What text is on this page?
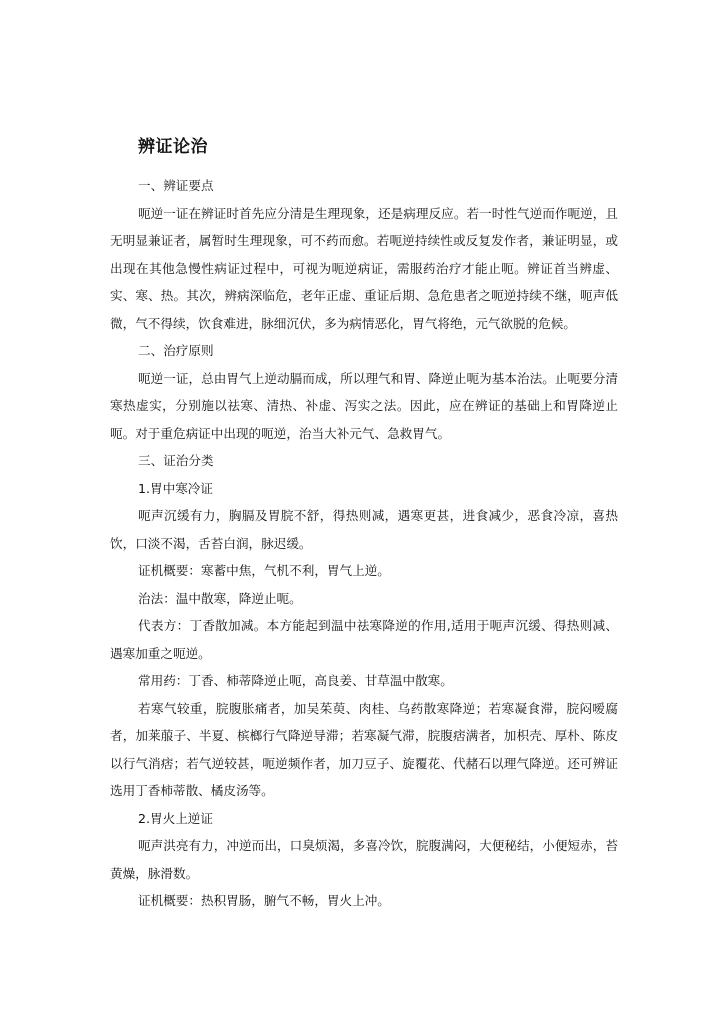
辨证论治

一、辨证要点

呃逆一证在辨证时首先应分清是生理现象，还是病理反应。若一时性气逆而作呃逆，且无明显兼证者，属暂时生理现象，可不药而愈。若呃逆持续性或反复发作者，兼证明显，或出现在其他急慢性病证过程中，可视为呃逆病证，需服药治疗才能止呃。辨证首当辨虚、实、寒、热。其次，辨病深临危，老年正虚、重证后期、急危患者之呃逆持续不继，呃声低微，气不得续，饮食难进，脉细沉伏，多为病情恶化，胃气将绝，元气欲脱的危候。

二、治疗原则

呃逆一证，总由胃气上逆动膈而成，所以理气和胃、降逆止呃为基本治法。止呃要分清寒热虚实，分别施以祛寒、清热、补虚、泻实之法。因此，应在辨证的基础上和胃降逆止呃。对于重危病证中出现的呃逆，治当大补元气、急救胃气。

三、证治分类

1.胃中寒冷证

呃声沉缓有力，胸膈及胃脘不舒，得热则减，遇寒更甚，进食减少，恶食冷凉，喜热饮，口淡不渴，舌苔白润，脉迟缓。

证机概要：寒蓄中焦，气机不利，胃气上逆。

治法：温中散寒，降逆止呃。

代表方：丁香散加减。本方能起到温中祛寒降逆的作用,适用于呃声沉缓、得热则减、遇寒加重之呃逆。

常用药：丁香、柿蒂降逆止呃，高良姜、甘草温中散寒。

若寒气较重，脘腹胀痛者，加吴茱萸、肉桂、乌药散寒降逆；若寒凝食滞，脘闷嗳腐者，加莱菔子、半夏、槟榔行气降逆导滞；若寒凝气滞，脘腹痞满者，加枳壳、厚朴、陈皮以行气消痞；若气逆较甚，呃逆频作者，加刀豆子、旋覆花、代赭石以理气降逆。还可辨证选用丁香柿蒂散、橘皮汤等。

2.胃火上逆证

呃声洪亮有力，冲逆而出，口臭烦渴，多喜冷饮，脘腹满闷，大便秘结，小便短赤，苔黄燥，脉滑数。

证机概要：热积胃肠，腑气不畅，胃火上冲。
